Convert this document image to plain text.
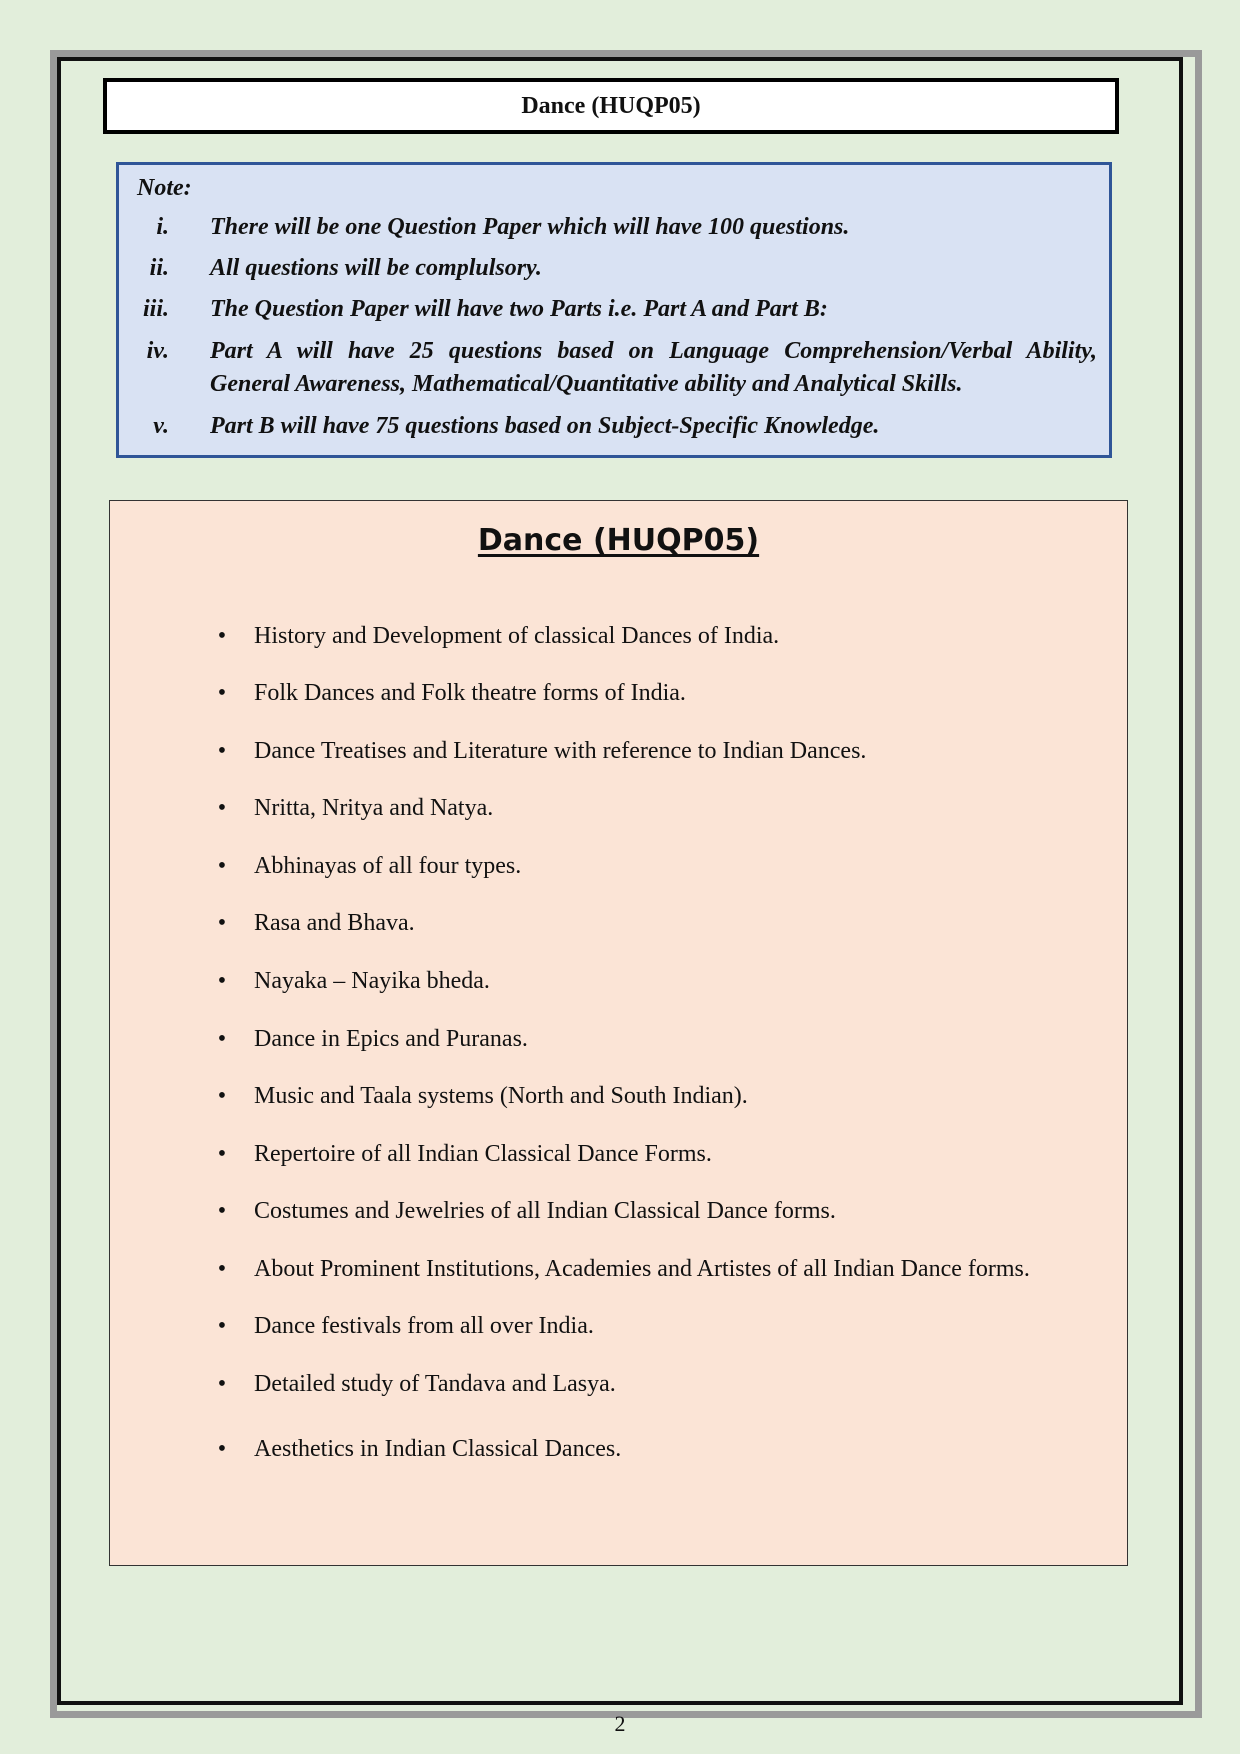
Dance (HUQP05)
Note:
i. There will be one Question Paper which will have 100 questions.
ii. All questions will be complulsory.
iii. The Question Paper will have two Parts i.e. Part A and Part B:
iv. Part A will have 25 questions based on Language Comprehension/Verbal Ability,
General Awareness, Mathematical/Quantitative ability and Analytical Skills.
v. Part B will have 75 questions based on Subject-Specific Knowledge.
Dance (HUQP05)
• History and Development of classical Dances of India.
• Folk Dances and Folk theatre forms of India.
• Dance Treatises and Literature with reference to Indian Dances.
• Nritta, Nritya and Natya.
• Abhinayas of all four types.
• Rasa and Bhava.
• Nayaka – Nayika bheda.
• Dance in Epics and Puranas.
• Music and Taala systems (North and South Indian).
• Repertoire of all Indian Classical Dance Forms.
• Costumes and Jewelries of all Indian Classical Dance forms.
• About Prominent Institutions, Academies and Artistes of all Indian Dance forms.
• Dance festivals from all over India.
• Detailed study of Tandava and Lasya.
• Aesthetics in Indian Classical Dances.
2
